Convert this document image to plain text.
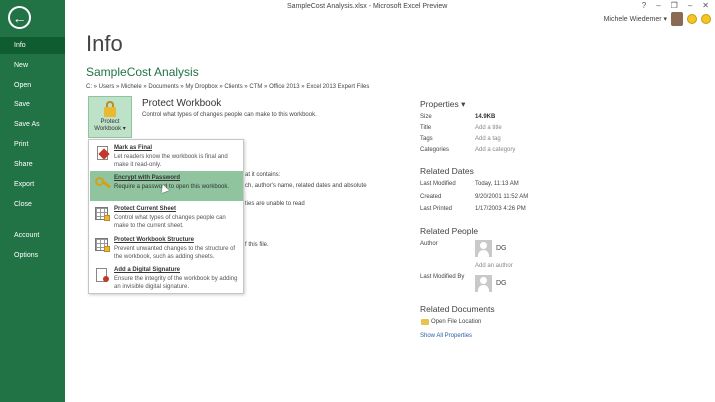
←
Info
New
Open
Save
Save As
Print
Share
Export
Close
Account
Options
SampleCost Analysis.xlsx - Microsoft Excel Preview	? – ❐ – ✕
Michele Wiedemer ▾
Info
SampleCost Analysis
C: » Users » Michele » Documents » My Dropbox » Clients » CTM » Office 2013 » Excel 2013 Expert Files
Protect
Workbook ▾
Protect Workbook
Control what types of changes people can make to this workbook.
at it contains:
ch, author's name, related dates and absolute
ties are unable to read
f this file.
Mark as Final
Let readers know the workbook is final and make it read-only.
Encrypt with Password
Require a password to open this workbook.
Protect Current Sheet
Control what types of changes people can make to the current sheet.
Protect Workbook Structure
Prevent unwanted changes to the structure of the workbook, such as adding sheets.
Add a Digital Signature
Ensure the integrity of the workbook by adding an invisible digital signature.
Properties ▾
Size	14.9KB
Title	Add a title
Tags	Add a tag
Categories	Add a category
Related Dates
Last Modified	Today, 11:13 AM
Created	9/20/2001 11:52 AM
Last Printed	1/17/2003 4:26 PM
Related People
Author
DG
Add an author
Last Modified By
DG
Related Documents
Open File Location
Show All Properties
